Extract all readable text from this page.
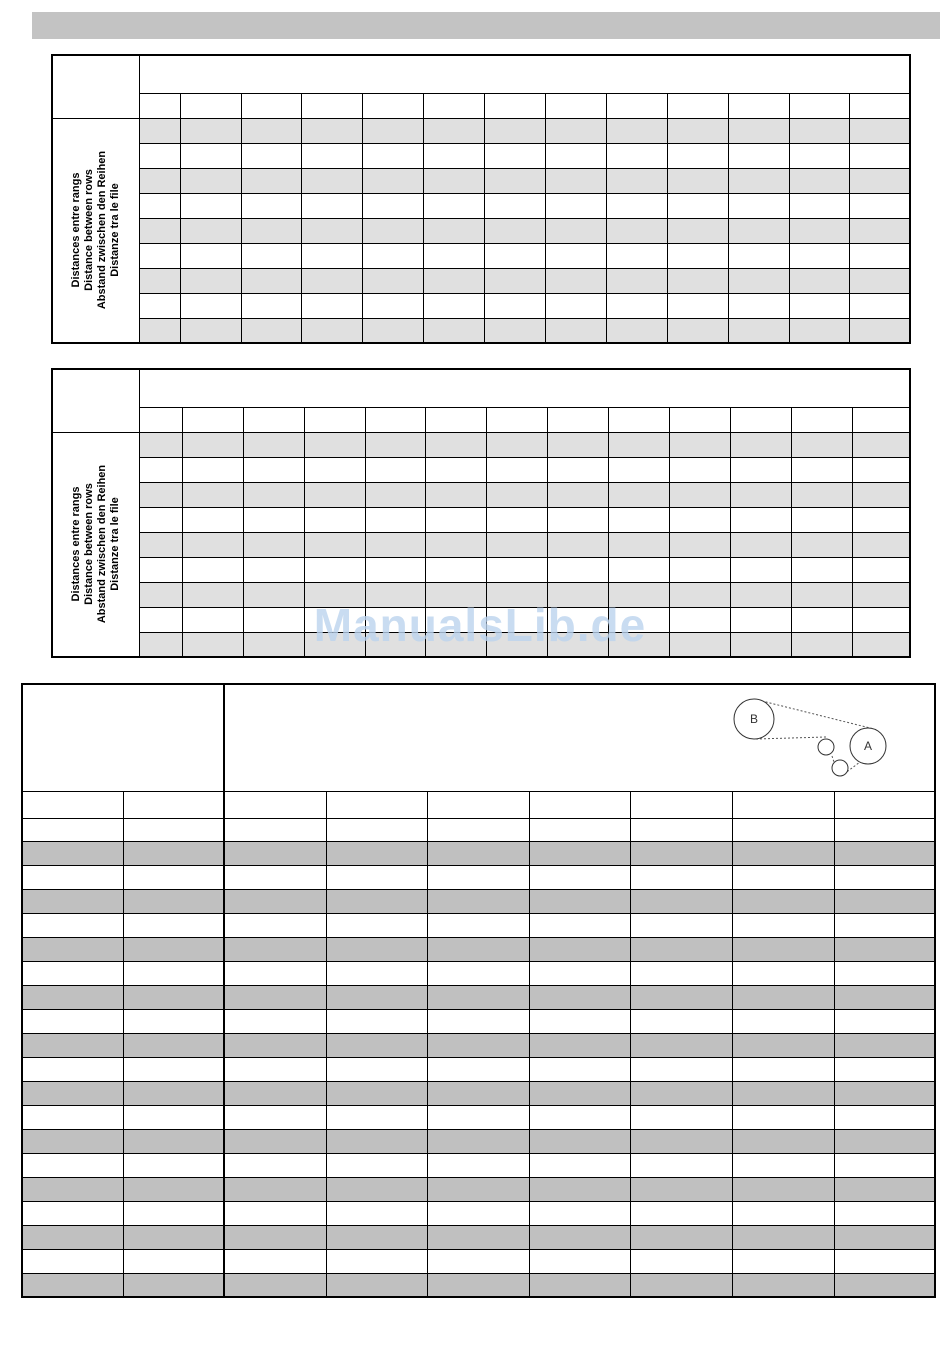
Distances entre rangs Distance between rows Abstand zwischen den Reihen Distanze tra le file													

Distances entre rangs Distance between rows Abstand zwischen den Reihen Distanze tra le file													

ManualsLib.de

B
A
